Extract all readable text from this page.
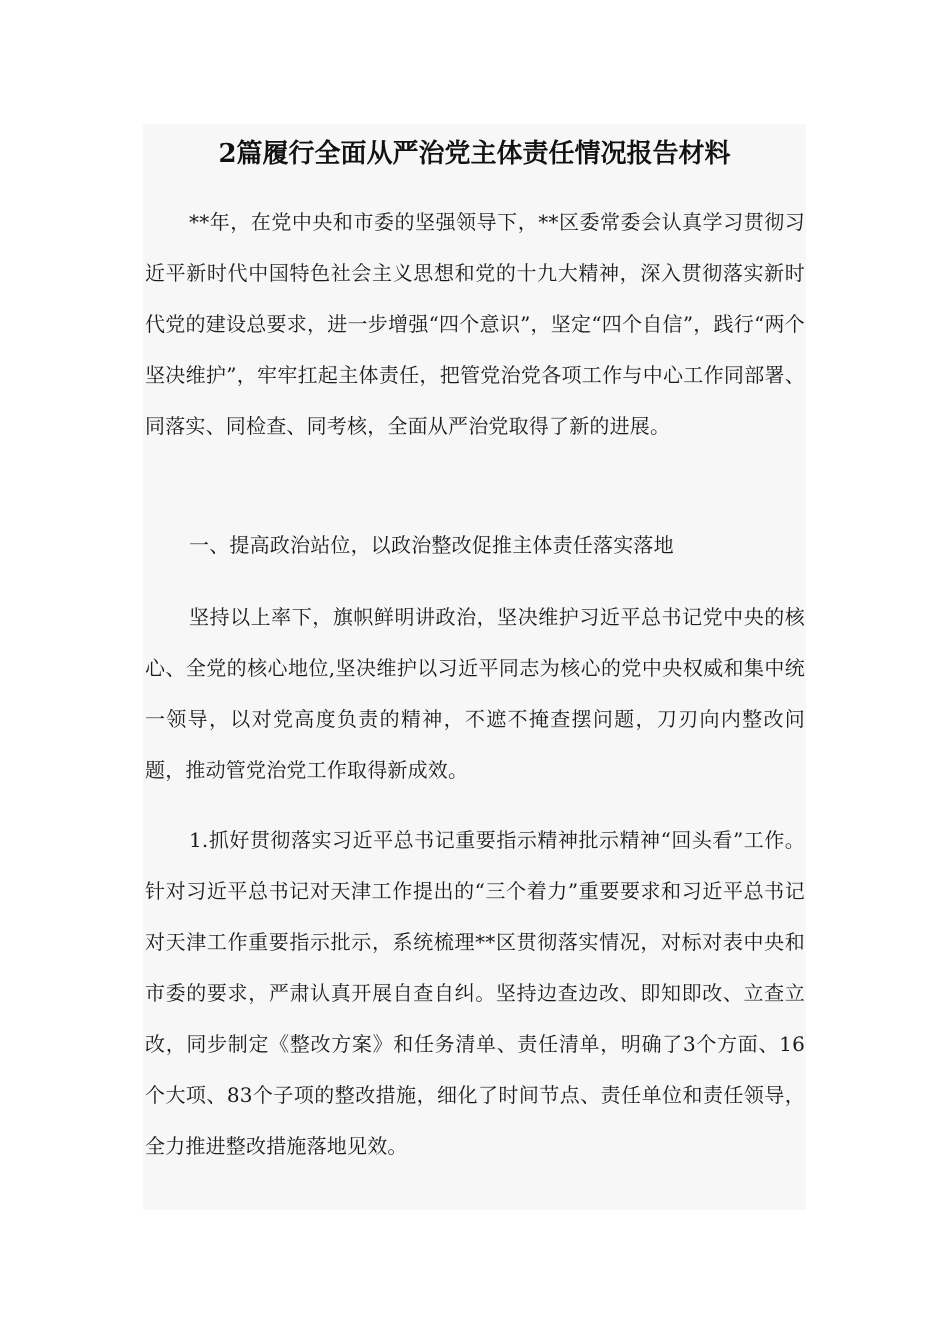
2篇履行全面从严治党主体责任情况报告材料

**年，在党中央和市委的坚强领导下，**区委常委会认真学习贯彻习近平新时代中国特色社会主义思想和党的十九大精神，深入贯彻落实新时代党的建设总要求，进一步增强“四个意识”，坚定“四个自信”，践行“两个坚决维护”，牢牢扛起主体责任，把管党治党各项工作与中心工作同部署、同落实、同检查、同考核，全面从严治党取得了新的进展。

一、提高政治站位，以政治整改促推主体责任落实落地

坚持以上率下，旗帜鲜明讲政治，坚决维护习近平总书记党中央的核心、全党的核心地位,坚决维护以习近平同志为核心的党中央权威和集中统一领导，以对党高度负责的精神，不遮不掩查摆问题，刀刃向内整改问题，推动管党治党工作取得新成效。

1.抓好贯彻落实习近平总书记重要指示精神批示精神“回头看”工作。针对习近平总书记对天津工作提出的“三个着力”重要要求和习近平总书记对天津工作重要指示批示，系统梳理**区贯彻落实情况，对标对表中央和市委的要求，严肃认真开展自查自纠。坚持边查边改、即知即改、立查立改，同步制定《整改方案》和任务清单、责任清单，明确了3个方面、16个大项、83个子项的整改措施，细化了时间节点、责任单位和责任领导，全力推进整改措施落地见效。
